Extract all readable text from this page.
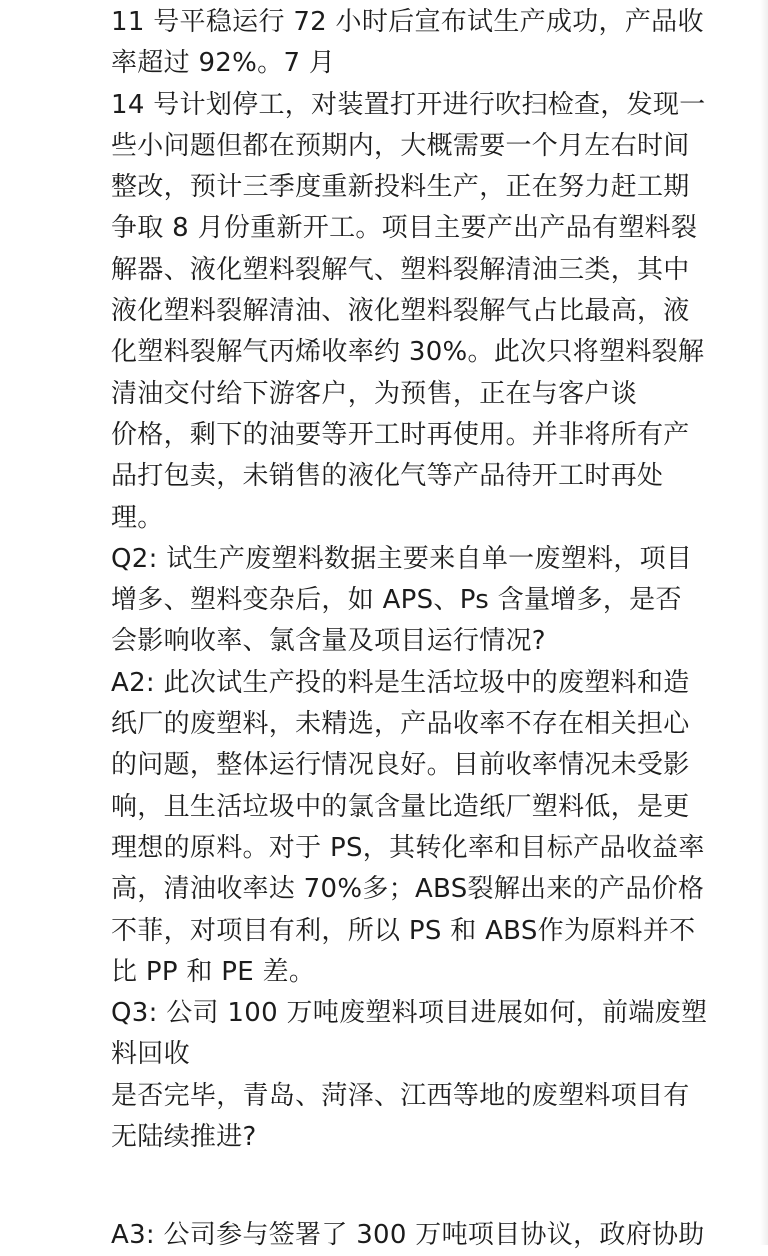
11 号平稳运行 72 小时后宣布试生产成功，产品收
率超过 92%。7 月
14 号计划停工，对装置打开进行吹扫检查，发现一
些小问题但都在预期内，大概需要一个月左右时间
整改，预计三季度重新投料生产，正在努力赶工期
争取 8 月份重新开工。项目主要产出产品有塑料裂
解器、液化塑料裂解气、塑料裂解清油三类，其中
液化塑料裂解清油、液化塑料裂解气占比最高，液
化塑料裂解气丙烯收率约 30%。此次只将塑料裂解
清油交付给下游客户，为预售，正在与客户谈
价格，剩下的油要等开工时再使用。并非将所有产
品打包卖，未销售的液化气等产品待开工时再处
理。
Q2: 试生产废塑料数据主要来自单一废塑料，项目
增多、塑料变杂后，如 APS、Ps 含量增多，是否
会影响收率、氯含量及项目运行情况?
A2: 此次试生产投的料是生活垃圾中的废塑料和造
纸厂的废塑料，未精选，产品收率不存在相关担心
的问题，整体运行情况良好。目前收率情况未受影
响，且生活垃圾中的氯含量比造纸厂塑料低，是更
理想的原料。对于 PS，其转化率和目标产品收益率
高，清油收率达 70%多；ABS裂解出来的产品价格
不菲，对项目有利，所以 PS 和 ABS作为原料并不
比 PP 和 PE 差。
Q3: 公司 100 万吨废塑料项目进展如何，前端废塑
料回收
是否完毕，青岛、菏泽、江西等地的废塑料项目有
无陆续推进?
A3: 公司参与签署了 300 万吨项目协议，政府协助
